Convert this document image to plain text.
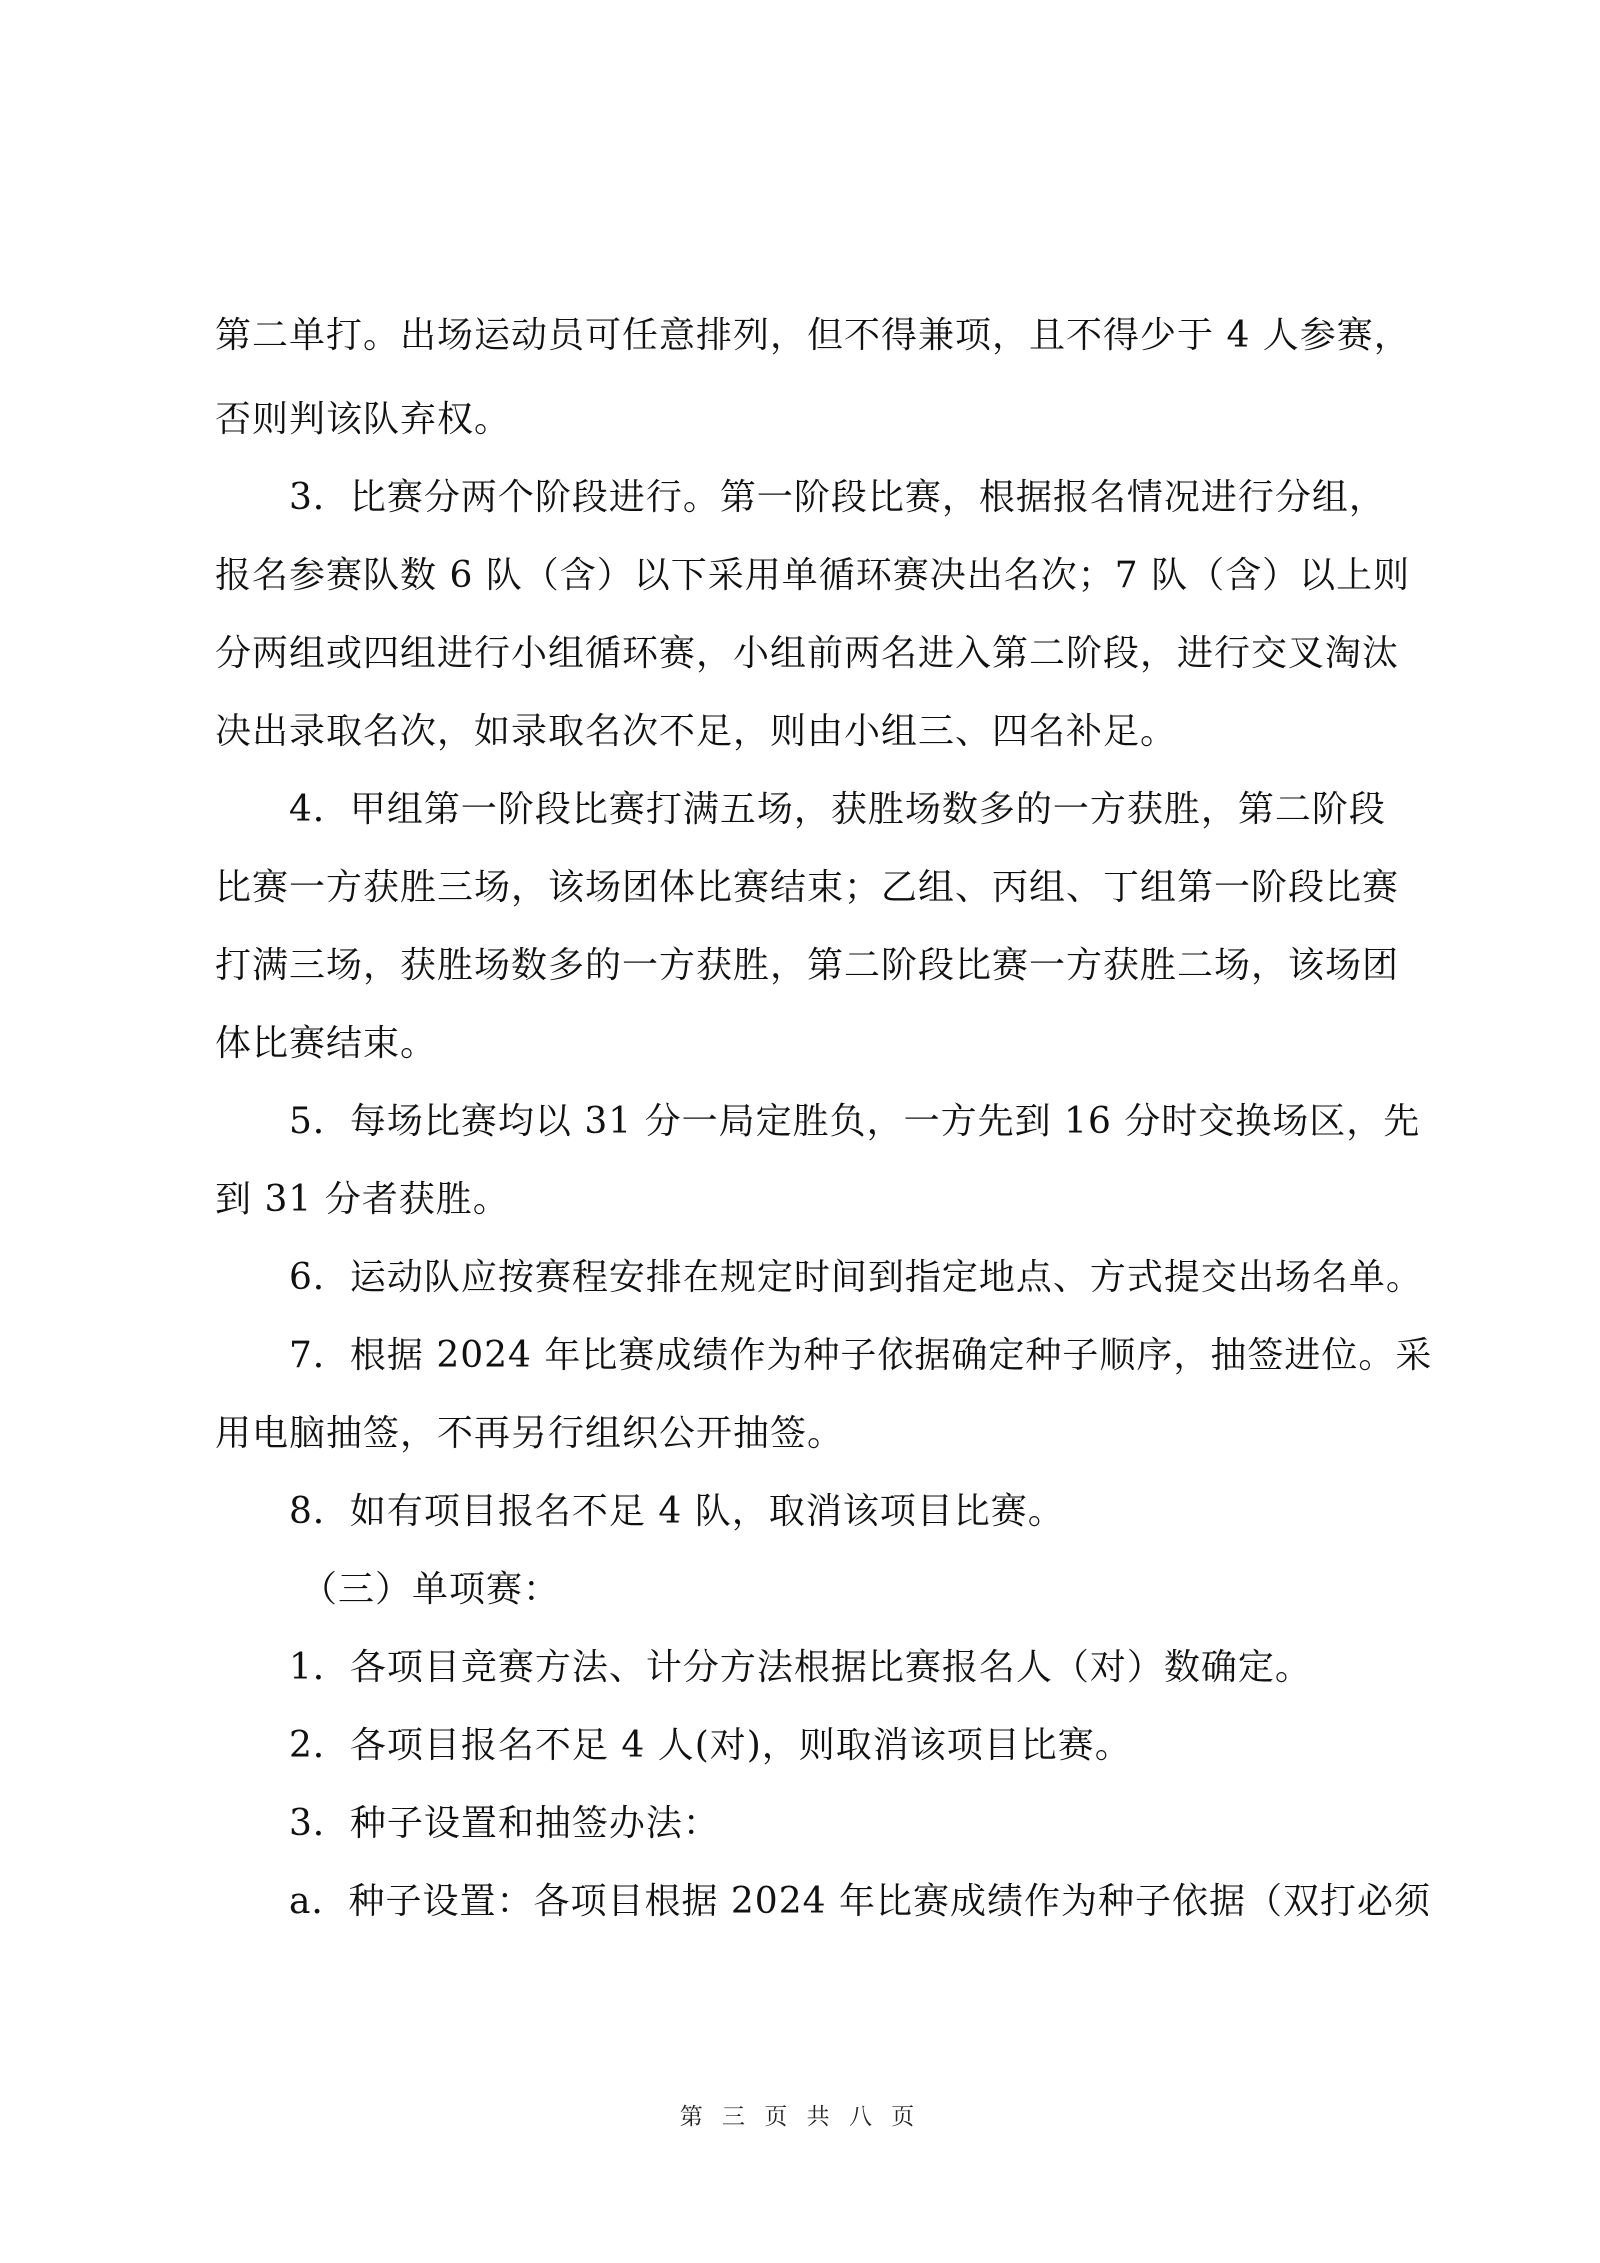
第二单打。出场运动员可任意排列，但不得兼项，且不得少于 4 人参赛，
否则判该队弃权。
3．比赛分两个阶段进行。第一阶段比赛，根据报名情况进行分组，
报名参赛队数 6 队（含）以下采用单循环赛决出名次；7 队（含）以上则
分两组或四组进行小组循环赛，小组前两名进入第二阶段，进行交叉淘汰
决出录取名次，如录取名次不足，则由小组三、四名补足。
4．甲组第一阶段比赛打满五场，获胜场数多的一方获胜，第二阶段
比赛一方获胜三场，该场团体比赛结束；乙组、丙组、丁组第一阶段比赛
打满三场，获胜场数多的一方获胜，第二阶段比赛一方获胜二场，该场团
体比赛结束。
5．每场比赛均以 31 分一局定胜负，一方先到 16 分时交换场区，先
到 31 分者获胜。
6．运动队应按赛程安排在规定时间到指定地点、方式提交出场名单。
7．根据 2024 年比赛成绩作为种子依据确定种子顺序，抽签进位。采
用电脑抽签，不再另行组织公开抽签。
8．如有项目报名不足 4 队，取消该项目比赛。
（三）单项赛：
1．各项目竞赛方法、计分方法根据比赛报名人（对）数确定。
2．各项目报名不足 4 人(对)，则取消该项目比赛。
3．种子设置和抽签办法：
a．种子设置：各项目根据 2024 年比赛成绩作为种子依据（双打必须
第 三 页 共 八 页
